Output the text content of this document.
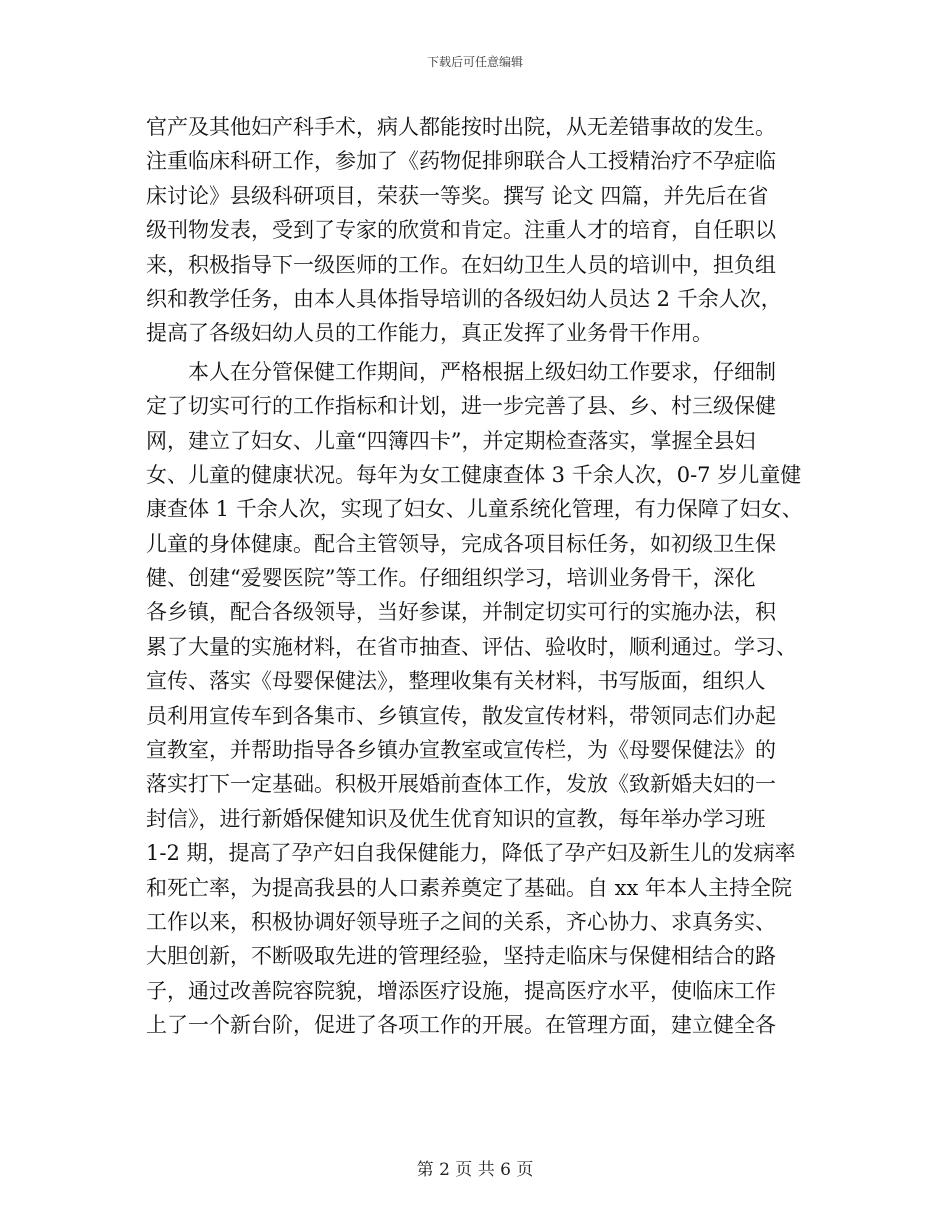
下载后可任意编辑
官产及其他妇产科手术，病人都能按时出院，从无差错事故的发生。
注重临床科研工作，参加了《药物促排卵联合人工授精治疗不孕症临
床讨论》县级科研项目，荣获一等奖。撰写 论文 四篇，并先后在省
级刊物发表，受到了专家的欣赏和肯定。注重人才的培育，自任职以
来，积极指导下一级医师的工作。在妇幼卫生人员的培训中，担负组
织和教学任务，由本人具体指导培训的各级妇幼人员达 2 千余人次，
提高了各级妇幼人员的工作能力，真正发挥了业务骨干作用。
本人在分管保健工作期间，严格根据上级妇幼工作要求，仔细制
定了切实可行的工作指标和计划，进一步完善了县、乡、村三级保健
网，建立了妇女、儿童“四簿四卡”，并定期检查落实，掌握全县妇
女、儿童的健康状况。每年为女工健康查体 3 千余人次，0-7 岁儿童健
康查体 1 千余人次，实现了妇女、儿童系统化管理，有力保障了妇女、
儿童的身体健康。配合主管领导，完成各项目标任务，如初级卫生保
健、创建“爱婴医院”等工作。仔细组织学习，培训业务骨干，深化
各乡镇，配合各级领导，当好参谋，并制定切实可行的实施办法，积
累了大量的实施材料，在省市抽查、评估、验收时，顺利通过。学习、
宣传、落实《母婴保健法》，整理收集有关材料，书写版面，组织人
员利用宣传车到各集市、乡镇宣传，散发宣传材料，带领同志们办起
宣教室，并帮助指导各乡镇办宣教室或宣传栏，为《母婴保健法》的
落实打下一定基础。积极开展婚前查体工作，发放《致新婚夫妇的一
封信》，进行新婚保健知识及优生优育知识的宣教，每年举办学习班
1-2 期，提高了孕产妇自我保健能力，降低了孕产妇及新生儿的发病率
和死亡率，为提高我县的人口素养奠定了基础。自 xx 年本人主持全院
工作以来，积极协调好领导班子之间的关系，齐心协力、求真务实、
大胆创新，不断吸取先进的管理经验，坚持走临床与保健相结合的路
子，通过改善院容院貌，增添医疗设施，提高医疗水平，使临床工作
上了一个新台阶，促进了各项工作的开展。在管理方面，建立健全各
第 2 页 共 6 页
